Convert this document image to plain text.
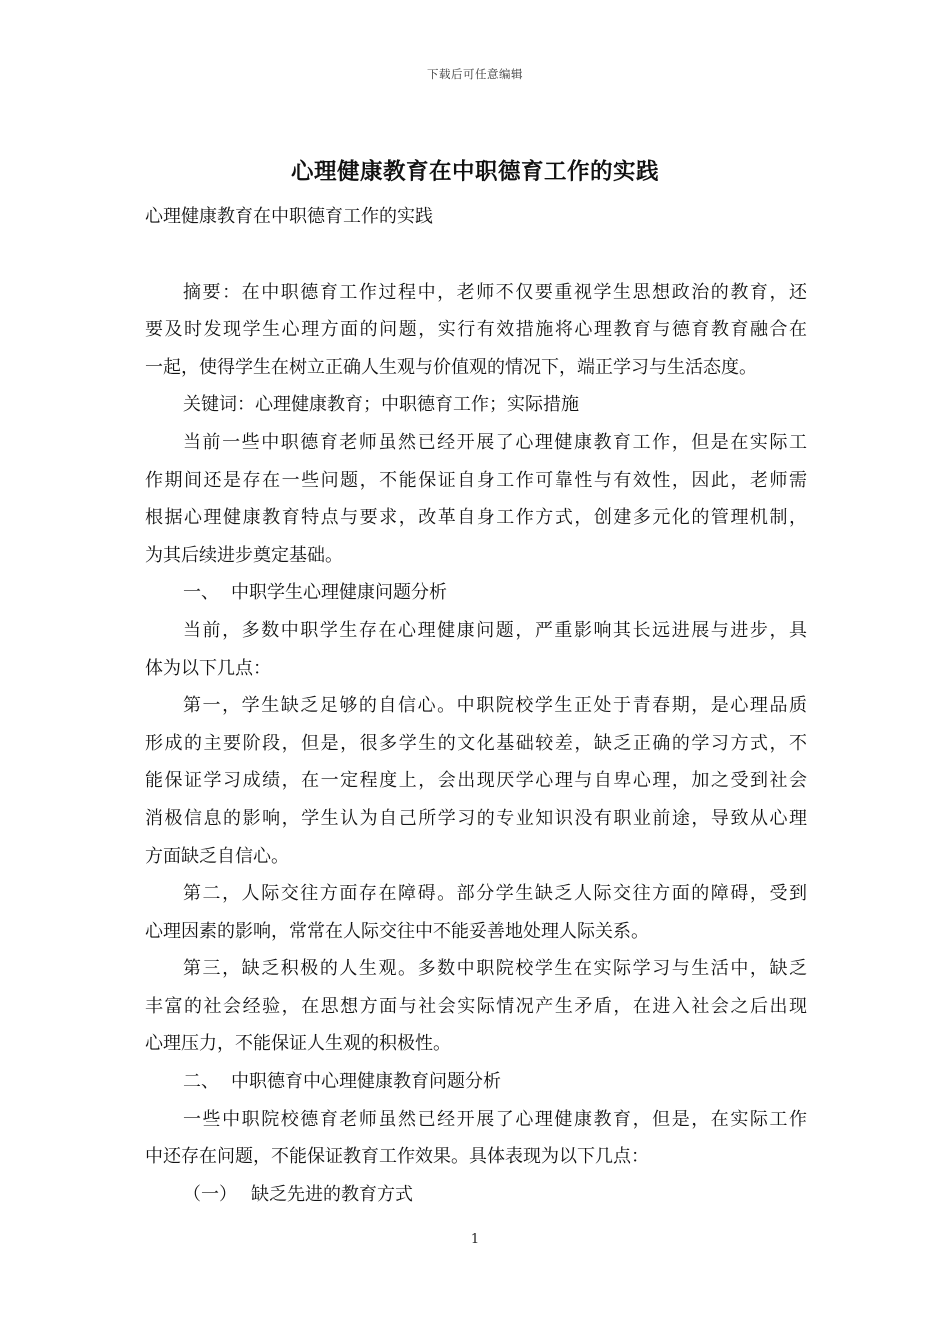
下载后可任意编辑
心理健康教育在中职德育工作的实践
心理健康教育在中职德育工作的实践
摘要：在中职德育工作过程中，老师不仅要重视学生思想政治的教育，还
要及时发现学生心理方面的问题，实行有效措施将心理教育与德育教育融合在
一起，使得学生在树立正确人生观与价值观的情况下，端正学习与生活态度。
关键词：心理健康教育；中职德育工作；实际措施
当前一些中职德育老师虽然已经开展了心理健康教育工作，但是在实际工
作期间还是存在一些问题，不能保证自身工作可靠性与有效性，因此，老师需
根据心理健康教育特点与要求，改革自身工作方式，创建多元化的管理机制，
为其后续进步奠定基础。
一、 中职学生心理健康问题分析
当前，多数中职学生存在心理健康问题，严重影响其长远进展与进步，具
体为以下几点：
第一，学生缺乏足够的自信心。中职院校学生正处于青春期，是心理品质
形成的主要阶段，但是，很多学生的文化基础较差，缺乏正确的学习方式，不
能保证学习成绩，在一定程度上，会出现厌学心理与自卑心理，加之受到社会
消极信息的影响，学生认为自己所学习的专业知识没有职业前途，导致从心理
方面缺乏自信心。
第二，人际交往方面存在障碍。部分学生缺乏人际交往方面的障碍，受到
心理因素的影响，常常在人际交往中不能妥善地处理人际关系。
第三，缺乏积极的人生观。多数中职院校学生在实际学习与生活中，缺乏
丰富的社会经验，在思想方面与社会实际情况产生矛盾，在进入社会之后出现
心理压力，不能保证人生观的积极性。
二、 中职德育中心理健康教育问题分析
一些中职院校德育老师虽然已经开展了心理健康教育，但是，在实际工作
中还存在问题，不能保证教育工作效果。具体表现为以下几点：
（一） 缺乏先进的教育方式
1
